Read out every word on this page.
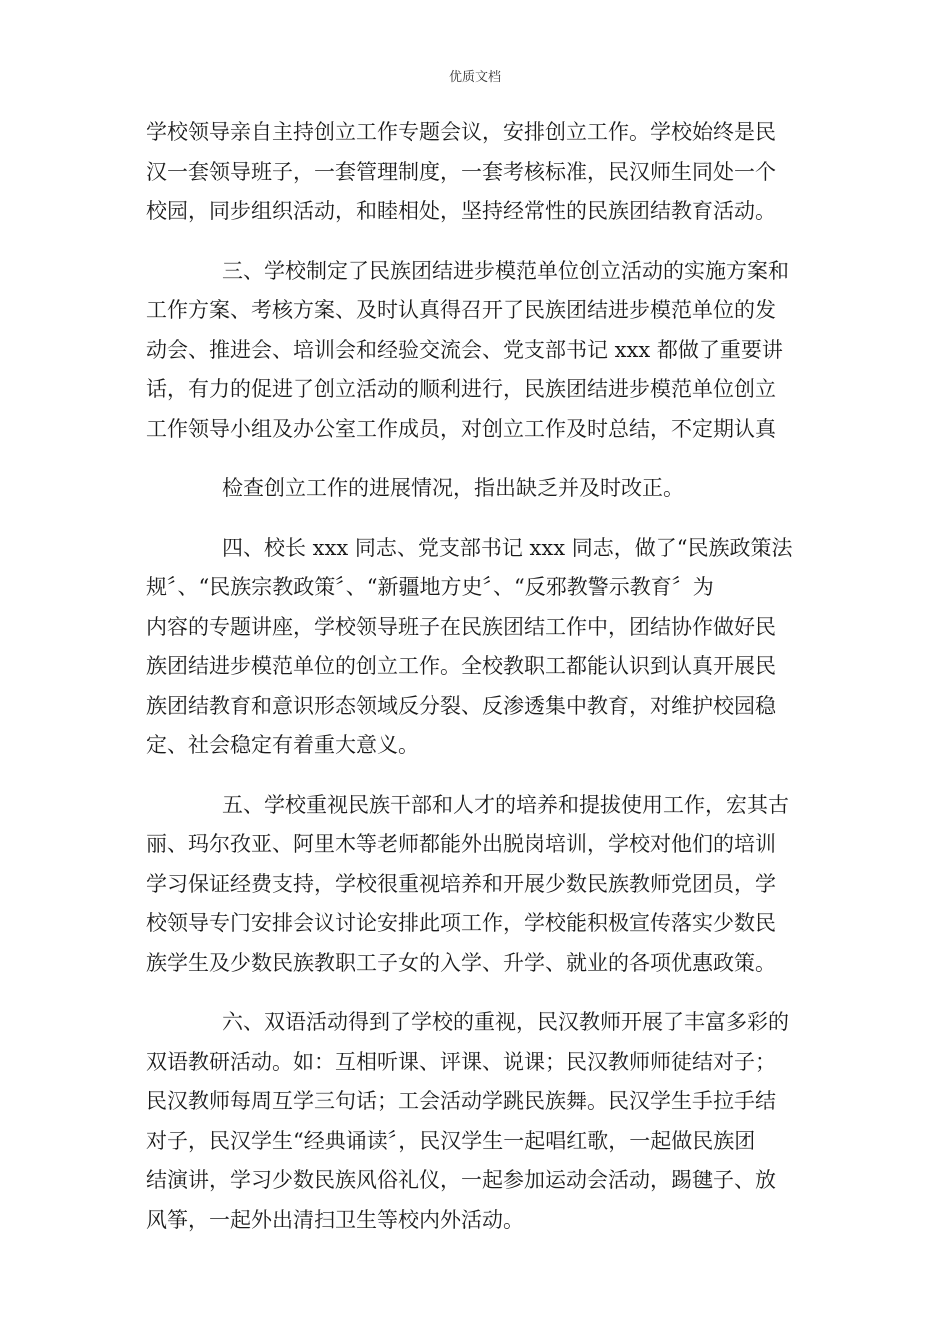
优质文档
学校领导亲自主持创立工作专题会议，安排创立工作。学校始终是民
汉一套领导班子，一套管理制度，一套考核标准，民汉师生同处一个
校园，同步组织活动，和睦相处，坚持经常性的民族团结教育活动。
三、学校制定了民族团结进步模范单位创立活动的实施方案和
工作方案、考核方案、及时认真得召开了民族团结进步模范单位的发
动会、推进会、培训会和经验交流会、党支部书记 xxx 都做了重要讲
话，有力的促进了创立活动的顺利进行，民族团结进步模范单位创立
工作领导小组及办公室工作成员，对创立工作及时总结，不定期认真
检查创立工作的进展情况，指出缺乏并及时改正。
四、校长 xxx 同志、党支部书记 xxx 同志，做了“民族政策法
规〞、“民族宗教政策〞、“新疆地方史〞、“反邪教警示教育〞为
内容的专题讲座，学校领导班子在民族团结工作中，团结协作做好民
族团结进步模范单位的创立工作。全校教职工都能认识到认真开展民
族团结教育和意识形态领域反分裂、反渗透集中教育，对维护校园稳
定、社会稳定有着重大意义。
五、学校重视民族干部和人才的培养和提拔使用工作，宏其古
丽、玛尔孜亚、阿里木等老师都能外出脱岗培训，学校对他们的培训
学习保证经费支持，学校很重视培养和开展少数民族教师党团员，学
校领导专门安排会议讨论安排此项工作，学校能积极宣传落实少数民
族学生及少数民族教职工子女的入学、升学、就业的各项优惠政策。
六、双语活动得到了学校的重视，民汉教师开展了丰富多彩的
双语教研活动。如：互相听课、评课、说课；民汉教师师徒结对子；
民汉教师每周互学三句话；工会活动学跳民族舞。民汉学生手拉手结
对子，民汉学生“经典诵读〞，民汉学生一起唱红歌，一起做民族团
结演讲，学习少数民族风俗礼仪，一起参加运动会活动，踢毽子、放
风筝，一起外出清扫卫生等校内外活动。
